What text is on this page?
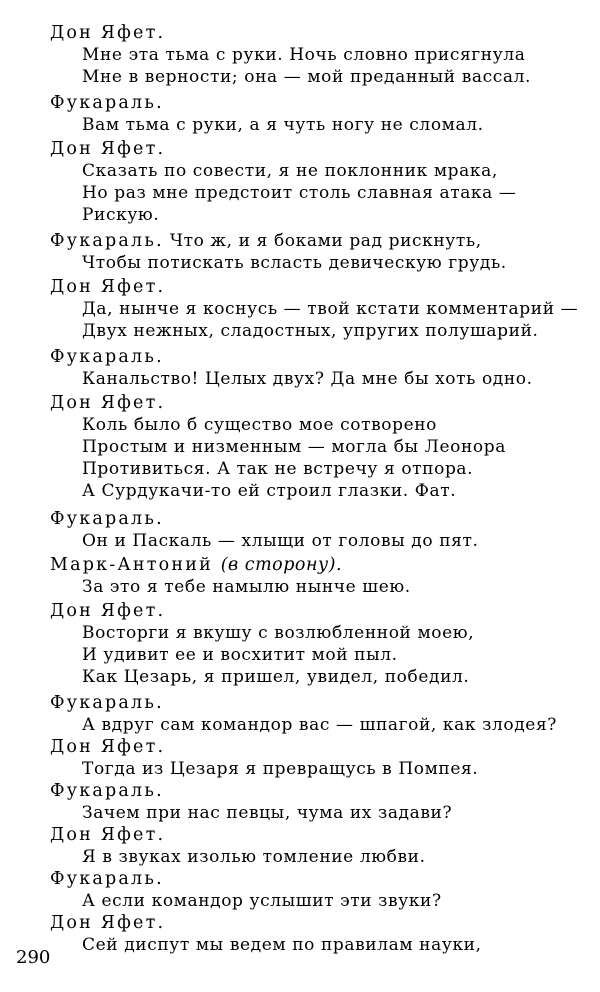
Дон Яфет.
Мне эта тьма с руки. Ночь словно присягнула
Мне в верности; она — мой преданный вассал.
Фукараль.
Вам тьма с руки, а я чуть ногу не сломал.
Дон Яфет.
Сказать по совести, я не поклонник мрака,
Но раз мне предстоит столь славная атака —
Рискую.
Фукараль. Что ж, и я боками рад рискнуть,
Чтобы потискать всласть девическую грудь.
Дон Яфет.
Да, нынче я коснусь — твой кстати комментарий —
Двух нежных, сладостных, упругих полушарий.
Фукараль.
Канальство! Целых двух? Да мне бы хоть одно.
Дон Яфет.
Коль было б существо мое сотворено
Простым и низменным — могла бы Леонора
Противиться. А так не встречу я отпора.
А Сурдукачи-то ей строил глазки. Фат.
Фукараль.
Он и Паскаль — хлыщи от головы до пят.
Марк-Антоний (в сторону).
За это я тебе намылю нынче шею.
Дон Яфет.
Восторги я вкушу с возлюбленной моею,
И удивит ее и восхитит мой пыл.
Как Цезарь, я пришел, увидел, победил.
Фукараль.
А вдруг сам командор вас — шпагой, как злодея?
Дон Яфет.
Тогда из Цезаря я превращусь в Помпея.
Фукараль.
Зачем при нас певцы, чума их задави?
Дон Яфет.
Я в звуках изолью томление любви.
Фукараль.
А если командор услышит эти звуки?
Дон Яфет.
Сей диспут мы ведем по правилам науки,
290
